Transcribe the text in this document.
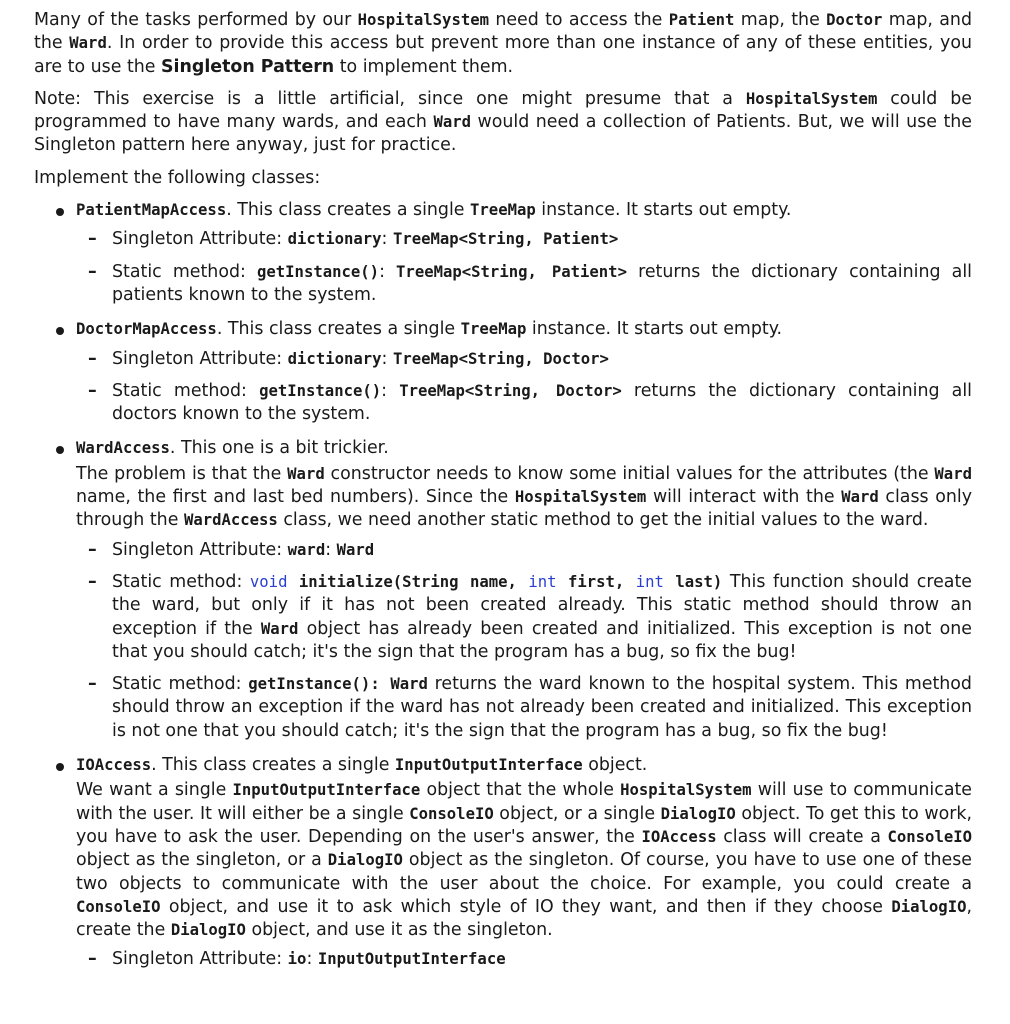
Many of the tasks performed by our HospitalSystem need to access the Patient map, the Doctor map, and the Ward. In order to provide this access but prevent more than one instance of any of these entities, you are to use the Singleton Pattern to implement them.

Note: This exercise is a little artificial, since one might presume that a HospitalSystem could be programmed to have many wards, and each Ward would need a collection of Patients. But, we will use the Singleton pattern here anyway, just for practice.

Implement the following classes:

PatientMapAccess. This class creates a single TreeMap instance. It starts out empty.
– Singleton Attribute: dictionary: TreeMap<String, Patient>
– Static method: getInstance(): TreeMap<String, Patient> returns the dictionary containing all patients known to the system.
DoctorMapAccess. This class creates a single TreeMap instance. It starts out empty.
– Singleton Attribute: dictionary: TreeMap<String, Doctor>
– Static method: getInstance(): TreeMap<String, Doctor> returns the dictionary containing all doctors known to the system.
WardAccess. This one is a bit trickier.
The problem is that the Ward constructor needs to know some initial values for the attributes (the Ward name, the first and last bed numbers). Since the HospitalSystem will interact with the Ward class only through the WardAccess class, we need another static method to get the initial values to the ward.
– Singleton Attribute: ward: Ward
– Static method: void initialize(String name, int first, int last) This function should create the ward, but only if it has not been created already. This static method should throw an exception if the Ward object has already been created and initialized. This exception is not one that you should catch; it's the sign that the program has a bug, so fix the bug!
– Static method: getInstance(): Ward returns the ward known to the hospital system. This method should throw an exception if the ward has not already been created and initialized. This exception is not one that you should catch; it's the sign that the program has a bug, so fix the bug!
IOAccess. This class creates a single InputOutputInterface object.
We want a single InputOutputInterface object that the whole HospitalSystem will use to communicate with the user. It will either be a single ConsoleIO object, or a single DialogIO object. To get this to work, you have to ask the user. Depending on the user's answer, the IOAccess class will create a ConsoleIO object as the singleton, or a DialogIO object as the singleton. Of course, you have to use one of these two objects to communicate with the user about the choice. For example, you could create a ConsoleIO object, and use it to ask which style of IO they want, and then if they choose DialogIO, create the DialogIO object, and use it as the singleton.
– Singleton Attribute: io: InputOutputInterface
